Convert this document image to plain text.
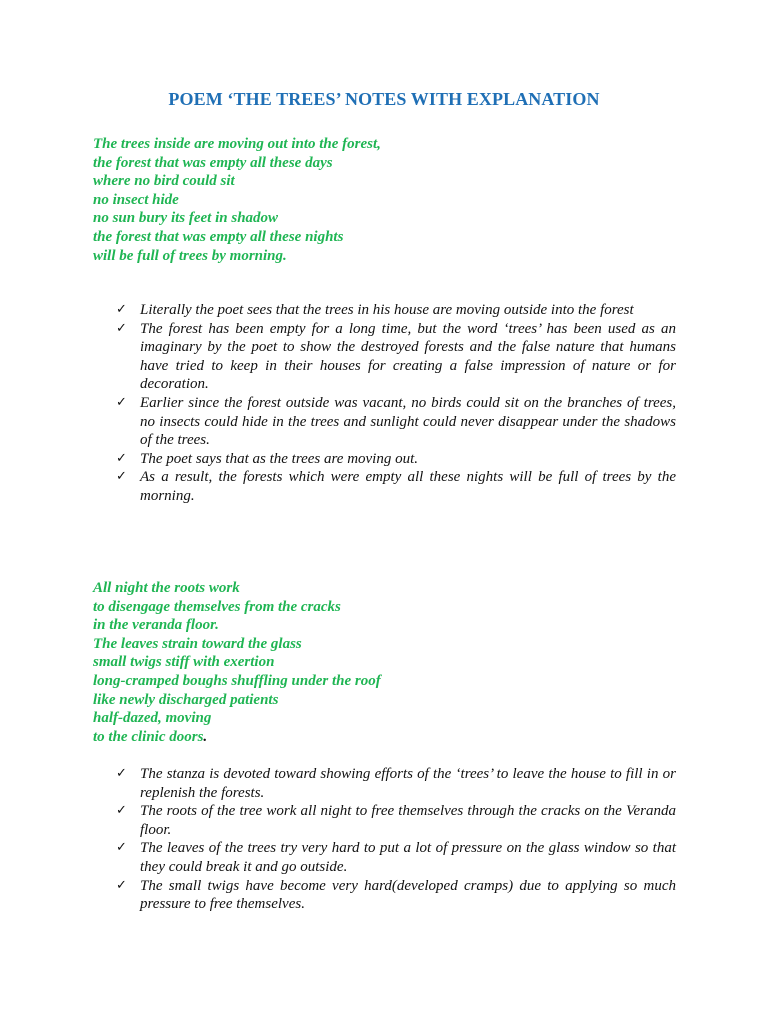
POEM ‘THE TREES’ NOTES WITH EXPLANATION
The trees inside are moving out into the forest,
the forest that was empty all these days
where no bird could sit
no insect hide
no sun bury its feet in shadow
the forest that was empty all these nights
will be full of trees by morning.
✓ Literally the poet sees that the trees in his house are moving outside into the forest
✓ The forest has been empty for a long time, but the word ‘trees’ has been used as an imaginary by the poet to show the destroyed forests and the false nature that humans have tried to keep in their houses for creating a false impression of nature or for decoration.
✓ Earlier since the forest outside was vacant, no birds could sit on the branches of trees, no insects could hide in the trees and sunlight could never disappear under the shadows of the trees.
✓ The poet says that as the trees are moving out.
✓ As a result, the forests which were empty all these nights will be full of trees by the morning.
All night the roots work
to disengage themselves from the cracks
in the veranda floor.
The leaves strain toward the glass
small twigs stiff with exertion
long-cramped boughs shuffling under the roof
like newly discharged patients
half-dazed, moving
to the clinic doors.
✓ The stanza is devoted toward showing efforts of the ‘trees’ to leave the house to fill in or replenish the forests.
✓ The roots of the tree work all night to free themselves through the cracks on the Veranda floor.
✓ The leaves of the trees try very hard to put a lot of pressure on the glass window so that they could break it and go outside.
✓ The small twigs have become very hard(developed cramps) due to applying so much pressure to free themselves.
